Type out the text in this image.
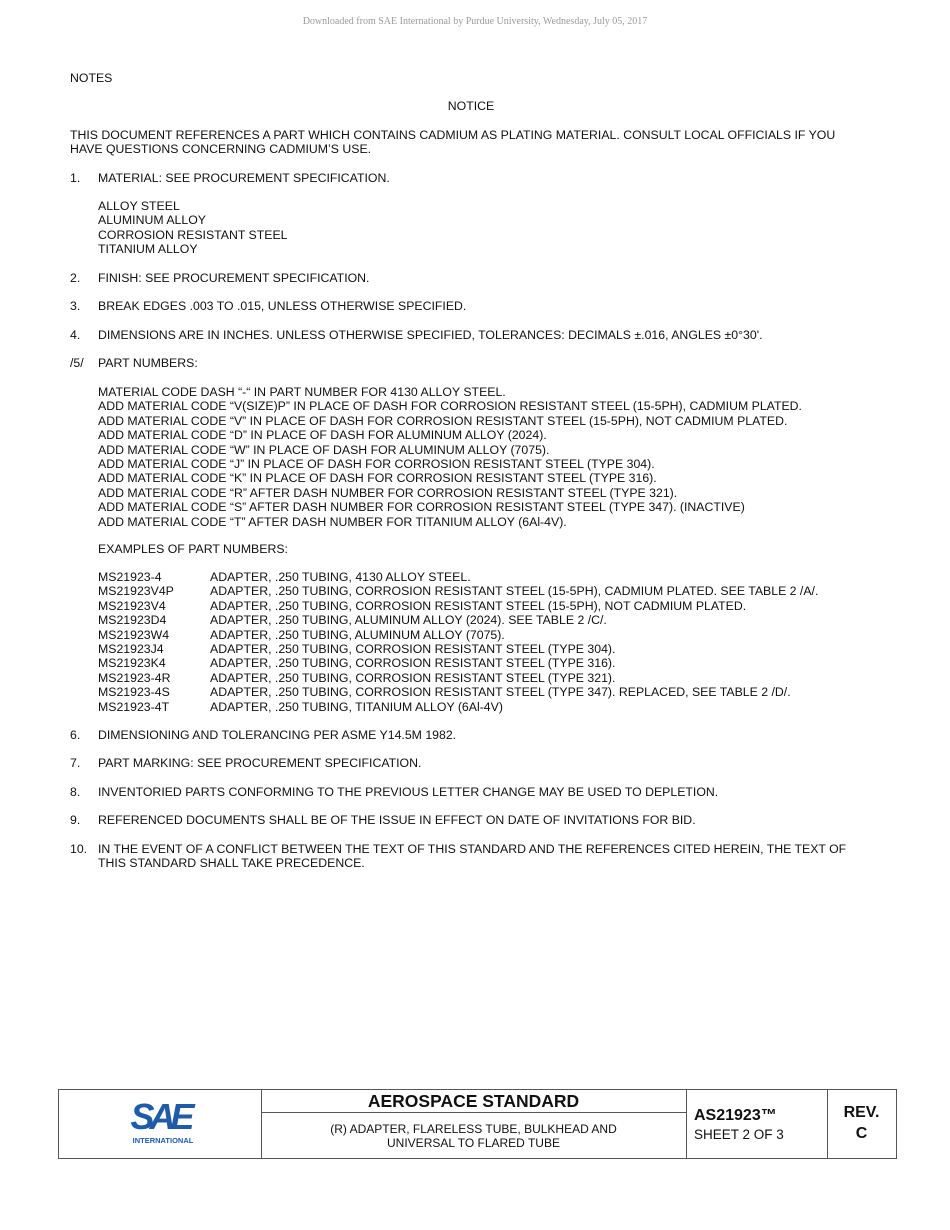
Downloaded from SAE International by Purdue University, Wednesday, July 05, 2017
NOTES
NOTICE
THIS DOCUMENT REFERENCES A PART WHICH CONTAINS CADMIUM AS PLATING MATERIAL. CONSULT LOCAL OFFICIALS IF YOU HAVE QUESTIONS CONCERNING CADMIUM’S USE.
1. MATERIAL: SEE PROCUREMENT SPECIFICATION.
ALLOY STEEL
ALUMINUM ALLOY
CORROSION RESISTANT STEEL
TITANIUM ALLOY
2. FINISH: SEE PROCUREMENT SPECIFICATION.
3. BREAK EDGES .003 TO .015, UNLESS OTHERWISE SPECIFIED.
4. DIMENSIONS ARE IN INCHES. UNLESS OTHERWISE SPECIFIED, TOLERANCES: DECIMALS ±.016, ANGLES ±0°30'.
/5/ PART NUMBERS:
MATERIAL CODE DASH “-“ IN PART NUMBER FOR 4130 ALLOY STEEL.
ADD MATERIAL CODE “V(SIZE)P” IN PLACE OF DASH FOR CORROSION RESISTANT STEEL (15-5PH), CADMIUM PLATED.
ADD MATERIAL CODE “V” IN PLACE OF DASH FOR CORROSION RESISTANT STEEL (15-5PH), NOT CADMIUM PLATED.
ADD MATERIAL CODE “D” IN PLACE OF DASH FOR ALUMINUM ALLOY (2024).
ADD MATERIAL CODE “W” IN PLACE OF DASH FOR ALUMINUM ALLOY (7075).
ADD MATERIAL CODE “J” IN PLACE OF DASH FOR CORROSION RESISTANT STEEL (TYPE 304).
ADD MATERIAL CODE “K” IN PLACE OF DASH FOR CORROSION RESISTANT STEEL (TYPE 316).
ADD MATERIAL CODE “R” AFTER DASH NUMBER FOR CORROSION RESISTANT STEEL (TYPE 321).
ADD MATERIAL CODE “S” AFTER DASH NUMBER FOR CORROSION RESISTANT STEEL (TYPE 347). (INACTIVE)
ADD MATERIAL CODE “T” AFTER DASH NUMBER FOR TITANIUM ALLOY (6Al-4V).
EXAMPLES OF PART NUMBERS:
MS21923-4	ADAPTER, .250 TUBING, 4130 ALLOY STEEL.
MS21923V4P	ADAPTER, .250 TUBING, CORROSION RESISTANT STEEL (15-5PH), CADMIUM PLATED. SEE TABLE 2 /A/.
MS21923V4	ADAPTER, .250 TUBING, CORROSION RESISTANT STEEL (15-5PH), NOT CADMIUM PLATED.
MS21923D4	ADAPTER, .250 TUBING, ALUMINUM ALLOY (2024). SEE TABLE 2 /C/.
MS21923W4	ADAPTER, .250 TUBING, ALUMINUM ALLOY (7075).
MS21923J4	ADAPTER, .250 TUBING, CORROSION RESISTANT STEEL (TYPE 304).
MS21923K4	ADAPTER, .250 TUBING, CORROSION RESISTANT STEEL (TYPE 316).
MS21923-4R	ADAPTER, .250 TUBING, CORROSION RESISTANT STEEL (TYPE 321).
MS21923-4S	ADAPTER, .250 TUBING, CORROSION RESISTANT STEEL (TYPE 347). REPLACED, SEE TABLE 2 /D/.
MS21923-4T	ADAPTER, .250 TUBING, TITANIUM ALLOY (6Al-4V)
6. DIMENSIONING AND TOLERANCING PER ASME Y14.5M 1982.
7. PART MARKING: SEE PROCUREMENT SPECIFICATION.
8. INVENTORIED PARTS CONFORMING TO THE PREVIOUS LETTER CHANGE MAY BE USED TO DEPLETION.
9. REFERENCED DOCUMENTS SHALL BE OF THE ISSUE IN EFFECT ON DATE OF INVITATIONS FOR BID.
10. IN THE EVENT OF A CONFLICT BETWEEN THE TEXT OF THIS STANDARD AND THE REFERENCES CITED HEREIN, THE TEXT OF THIS STANDARD SHALL TAKE PRECEDENCE.
SAE
INTERNATIONAL
AEROSPACE STANDARD
(R) ADAPTER, FLARELESS TUBE, BULKHEAD AND
UNIVERSAL TO FLARED TUBE
AS21923™
SHEET 2 OF 3
REV.
C
